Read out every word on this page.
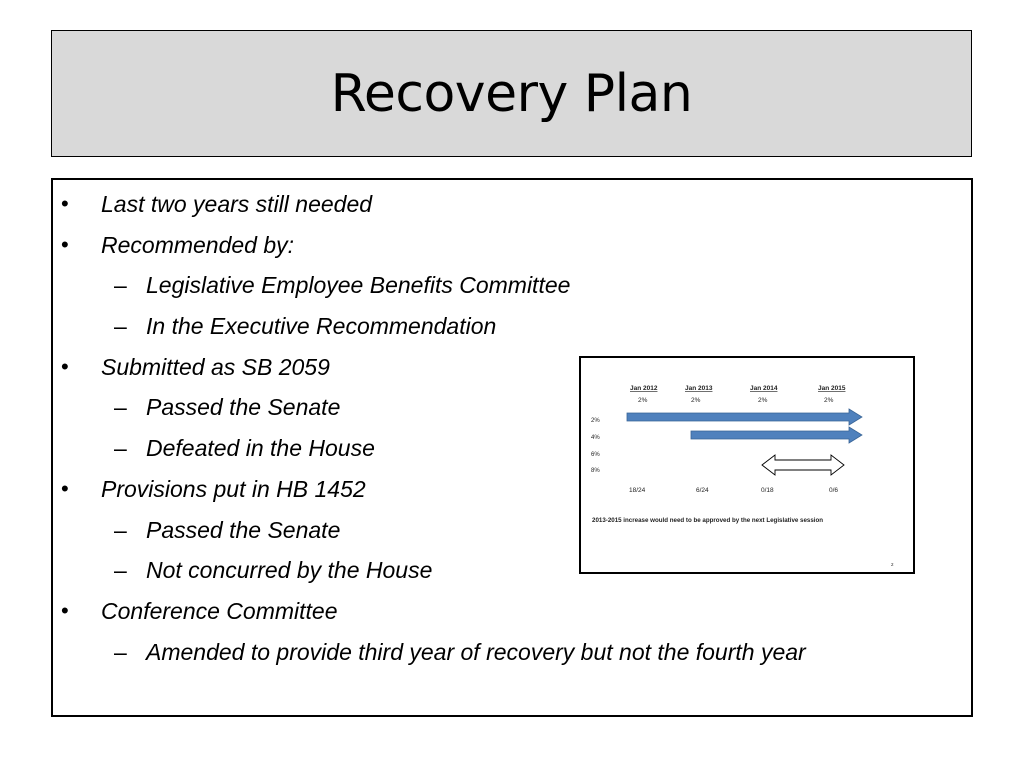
Recovery Plan
• Last two years still needed
• Recommended by:
– Legislative Employee Benefits Committee
– In the Executive Recommendation
• Submitted as SB 2059
– Passed the Senate
– Defeated in the House
• Provisions put in HB 1452
– Passed the Senate
– Not concurred by the House
• Conference Committee
– Amended to provide third year of recovery but not the fourth year
Jan 2012	Jan 2013	Jan 2014	Jan 2015
2%	2%	2%	2%
2%
4%
6%
8%
18/24	6/24	0/18	0/6
2013-2015 increase would need to be approved by the next Legislative session
2
